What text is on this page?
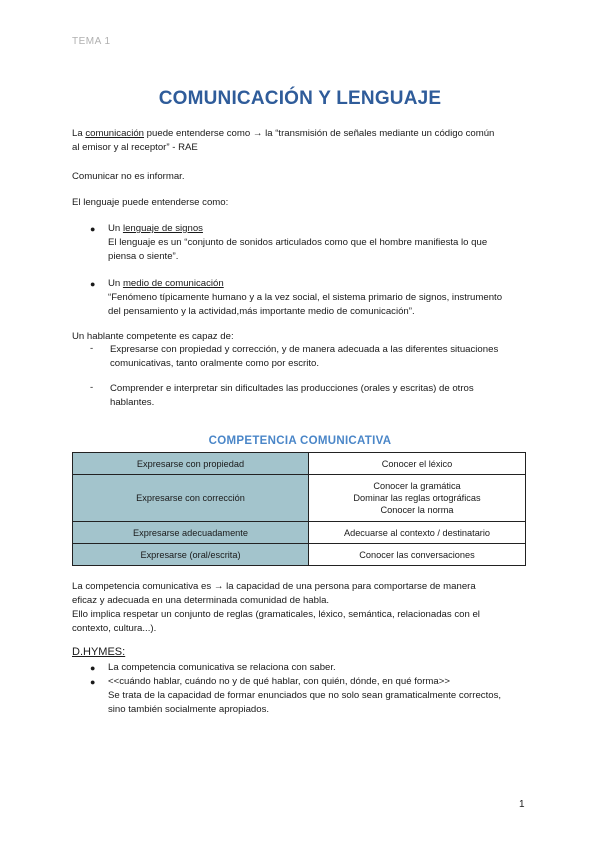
TEMA 1
COMUNICACIÓN Y LENGUAJE
La comunicación puede entenderse como → la “transmisión de señales mediante un código común
al emisor y al receptor” - RAE
Comunicar no es informar.
El lenguaje puede entenderse como:
● Un lenguaje de signos
El lenguaje es un “conjunto de sonidos articulados como que el hombre manifiesta lo que
piensa o siente”.
● Un medio de comunicación
“Fenómeno típicamente humano y a la vez social, el sistema primario de signos, instrumento
del pensamiento y la actividad,más importante medio de comunicación”.
Un hablante competente es capaz de:
- Expresarse con propiedad y corrección, y de manera adecuada a las diferentes situaciones
comunicativas, tanto oralmente como por escrito.
- Comprender e interpretar sin dificultades las producciones (orales y escritas) de otros
hablantes.
COMPETENCIA COMUNICATIVA
Expresarse con propiedad	Conocer el léxico
Expresarse con corrección	Conocer la gramática
Dominar las reglas ortográficas
Conocer la norma

Expresarse adecuadamente	Adecuarse al contexto / destinatario
Expresarse (oral/escrita)	Conocer las conversaciones
La competencia comunicativa es → la capacidad de una persona para comportarse de manera
eficaz y adecuada en una determinada comunidad de habla.
Ello implica respetar un conjunto de reglas (gramaticales, léxico, semántica, relacionadas con el
contexto, cultura...).
D.HYMES:
● La competencia comunicativa se relaciona con saber.
● <<cuándo hablar, cuándo no y de qué hablar, con quién, dónde, en qué forma>>
Se trata de la capacidad de formar enunciados que no solo sean gramaticalmente correctos,
sino también socialmente apropiados.
1
